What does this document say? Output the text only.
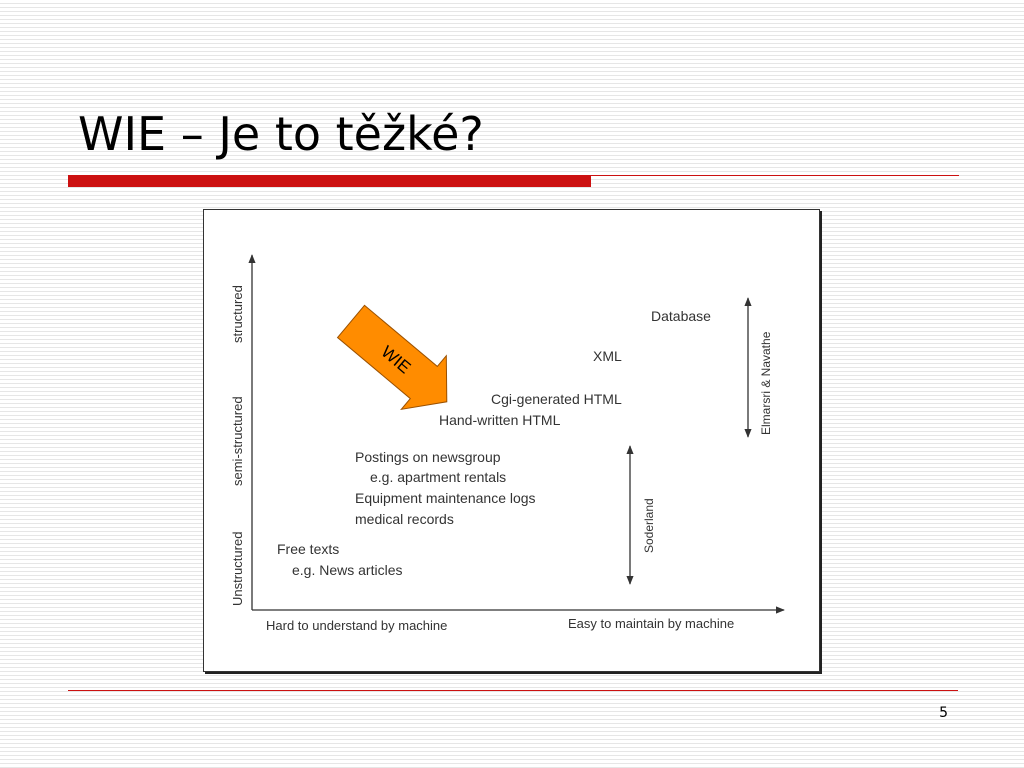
WIE – Je to těžké?
Unstructured
semi-structured
structured
Hard to understand by machine	Easy to maintain by machine
Database
XML
Cgi-generated HTML
Hand-written HTML
Postings on newsgroup
e.g. apartment rentals
Equipment maintenance logs
medical records
Free texts
e.g. News articles
Elmarsri & Navathe
Soderland
WIE
5
